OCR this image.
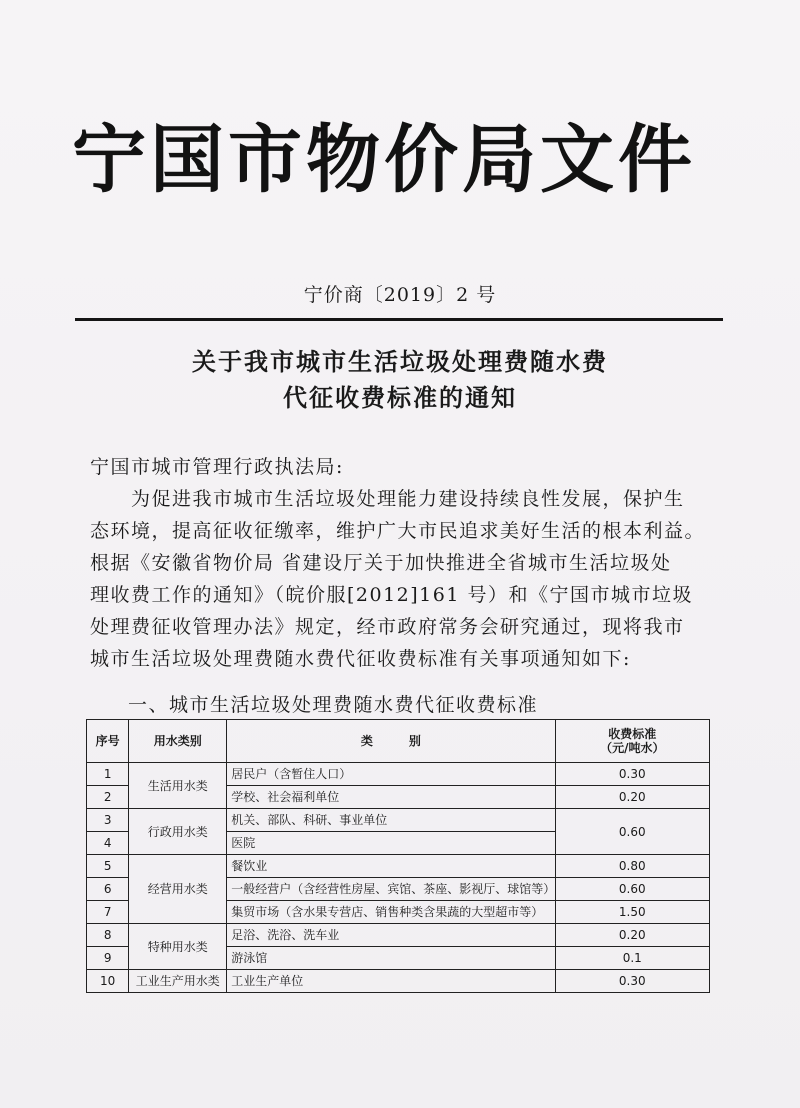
宁国市物价局文件
宁价商〔2019〕2 号
关于我市城市生活垃圾处理费随水费
代征收费标准的通知
宁国市城市管理行政执法局:
　　为促进我市城市生活垃圾处理能力建设持续良性发展，保护生
态环境，提高征收征缴率，维护广大市民追求美好生活的根本利益。
根据《安徽省物价局 省建设厅关于加快推进全省城市生活垃圾处
理收费工作的通知》（皖价服[2012]161 号）和《宁国市城市垃圾
处理费征收管理办法》规定，经市政府常务会研究通过，现将我市
城市生活垃圾处理费随水费代征收费标准有关事项通知如下:
一、城市生活垃圾处理费随水费代征收费标准
序号	用水类别	类　　　别	收费标准
（元/吨水）

1	生活用水类	居民户（含暂住人口）	0.30
2		学校、社会福利单位	0.20
3	行政用水类	机关、部队、科研、事业单位	0.60
4		医院	
5	经营用水类	餐饮业	0.80
6		一般经营户（含经营性房屋、宾馆、茶座、影视厅、球馆等）	0.60
7		集贸市场（含水果专营店、销售种类含果蔬的大型超市等）	1.50
8	特种用水类	足浴、洗浴、洗车业	0.20
9		游泳馆	0.1
10	工业生产用水类	工业生产单位	0.30
